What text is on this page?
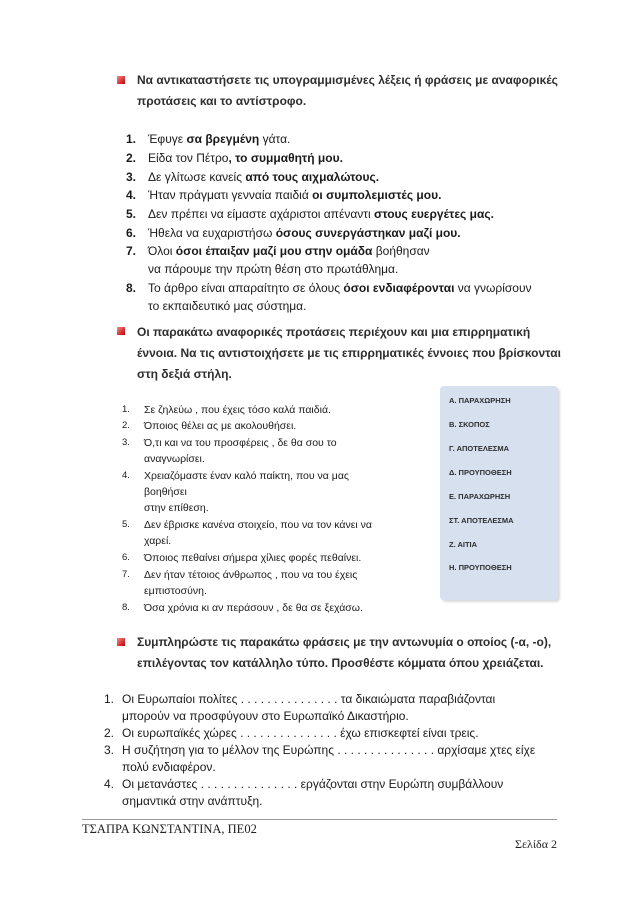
Να αντικαταστήσετε τις υπογραμμισμένες λέξεις ή φράσεις με αναφορικές
προτάσεις και το αντίστροφο.
1. Έφυγε σα βρεγμένη γάτα.
2. Είδα τον Πέτρο, το συμμαθητή μου.
3. Δε γλίτωσε κανείς από τους αιχμαλώτους.
4. Ήταν πράγματι γενναία παιδιά οι συμπολεμιστές μου.
5. Δεν πρέπει να είμαστε αχάριστοι απέναντι στους ευεργέτες μας.
6. Ήθελα να ευχαριστήσω όσους συνεργάστηκαν μαζί μου.
7. Όλοι όσοι έπαιξαν μαζί μου στην ομάδα βοήθησαν
να πάρουμε την πρώτη θέση στο πρωτάθλημα.
8. Το άρθρο είναι απαραίτητο σε όλους όσοι ενδιαφέρονται να γνωρίσουν
το εκπαιδευτικό μας σύστημα.
Οι παρακάτω αναφορικές προτάσεις περιέχουν και μια επιρρηματική
έννοια. Να τις αντιστοιχήσετε με τις επιρρηματικές έννοιες που βρίσκονται
στη δεξιά στήλη.
1.	Σε ζηλεύω , που έχεις τόσο καλά παιδιά.
2.	Όποιος θέλει ας με ακολουθήσει.
3.	Ό,τι και να του προσφέρεις , δε θα σου το
αναγνωρίσει.
4.	Χρειαζόμαστε έναν καλό παίκτη, που να μας
βοηθήσει
στην επίθεση.
5.	Δεν έβρισκε κανένα στοιχείο, που να τον κάνει να
χαρεί.
6.	Όποιος πεθαίνει σήμερα χίλιες φορές πεθαίνει.
7.	Δεν ήταν τέτοιος άνθρωπος , που να του έχεις
εμπιστοσύνη.
8.	Όσα χρόνια κι αν περάσουν , δε θα σε ξεχάσω.
Α. ΠΑΡΑΧΩΡΗΣΗ
Β. ΣΚΟΠΟΣ
Γ. ΑΠΟΤΕΛΕΣΜΑ
Δ. ΠΡΟΥΠΟΘΕΣΗ
Ε. ΠΑΡΑΧΩΡΗΣΗ
ΣΤ. ΑΠΟΤΕΛΕΣΜΑ
Ζ. ΑΙΤΙΑ
Η. ΠΡΟΥΠΟΘΕΣΗ
Συμπληρώστε τις παρακάτω φράσεις με την αντωνυμία ο οποίος (-α, -ο),
επιλέγοντας τον κατάλληλο τύπο. Προσθέστε κόμματα όπου χρειάζεται.
1. Οι Ευρωπαίοι πολίτες . . . . . . . . . . . . . . . τα δικαιώματα παραβιάζονται
μπορούν να προσφύγουν στο Ευρωπαϊκό Δικαστήριο.
2. Οι ευρωπαϊκές χώρες . . . . . . . . . . . . . . . έχω επισκεφτεί είναι τρεις.
3. Η συζήτηση για το μέλλον της Ευρώπης . . . . . . . . . . . . . . . αρχίσαμε χτες είχε
πολύ ενδιαφέρον.
4. Οι μετανάστες . . . . . . . . . . . . . . . εργάζονται στην Ευρώπη συμβάλλουν
σημαντικά στην ανάπτυξη.
ΤΣΑΠΡΑ ΚΩΝΣΤΑΝΤΙΝΑ, ΠΕ02
Σελίδα 2
